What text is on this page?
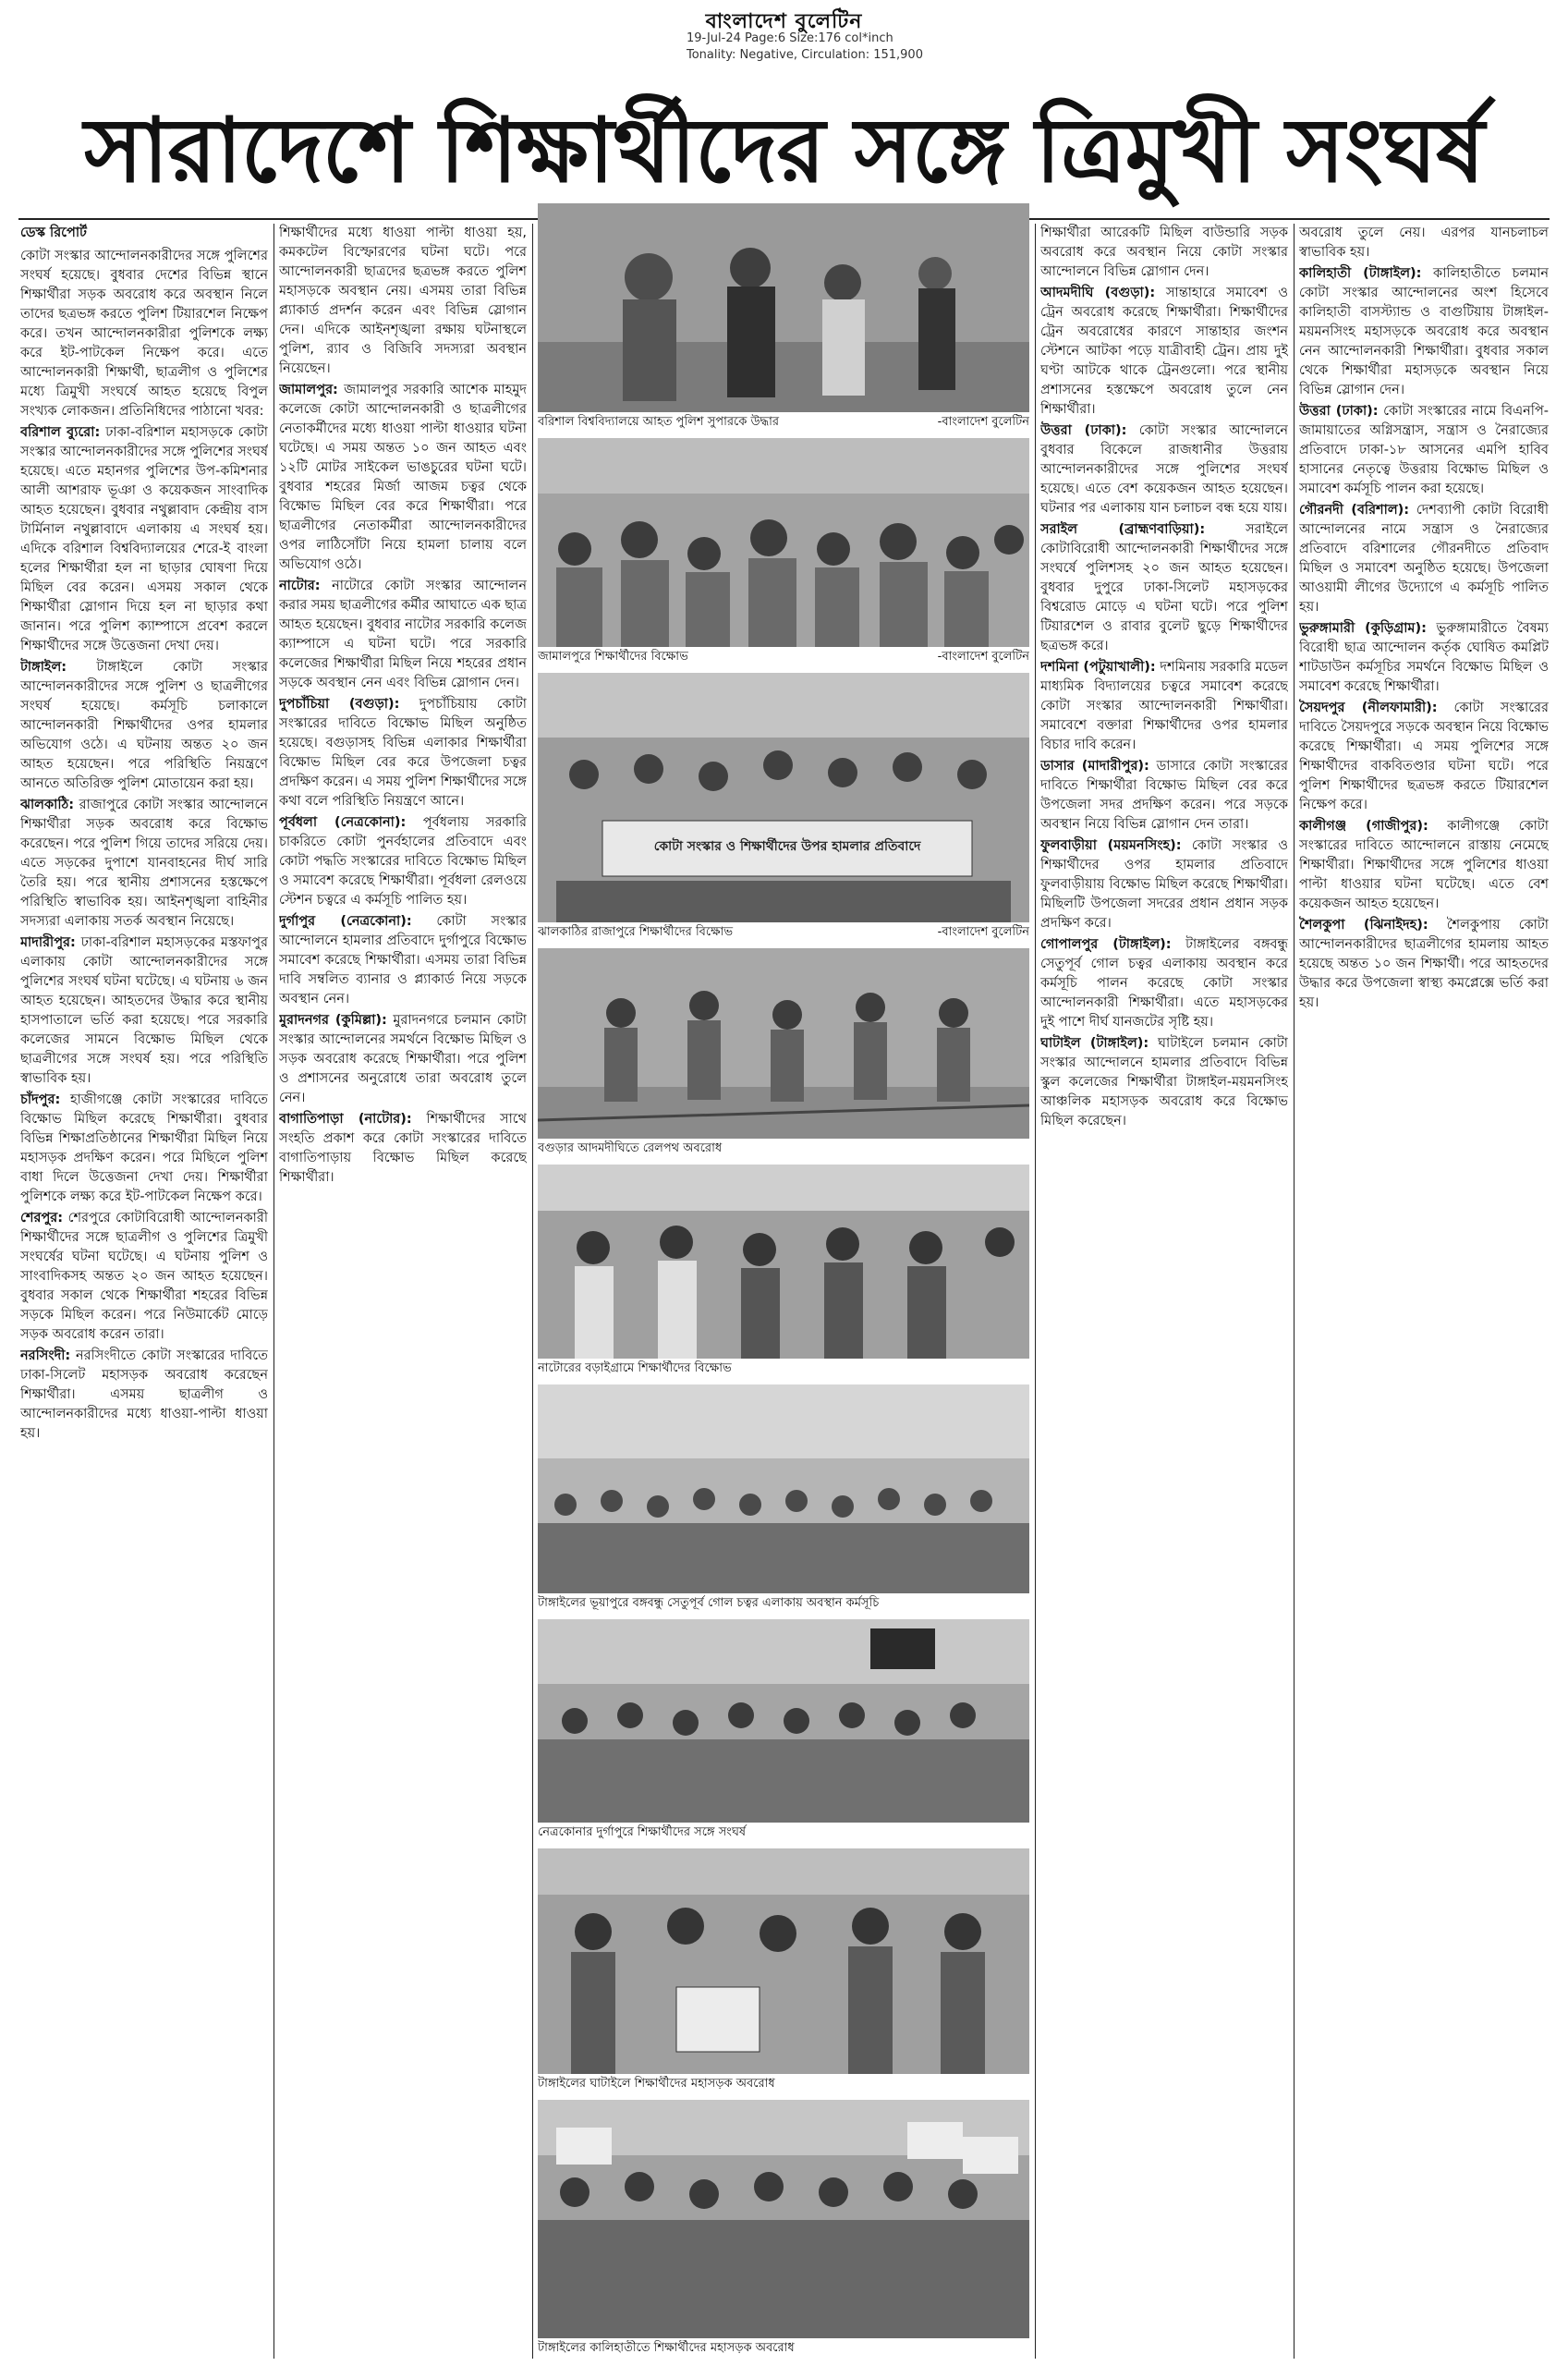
বাংলাদেশ বুলেটিন
19-Jul-24 Page:6 Size:176 col*inch
Tonality: Negative, Circulation: 151,900
সারাদেশে শিক্ষার্থীদের সঙ্গে ত্রিমুখী সংঘর্ষ
ডেস্ক রিপোর্ট

কোটা সংস্কার আন্দোলনকারীদের সঙ্গে পুলিশের সংঘর্ষ হয়েছে। বুধবার দেশের বিভিন্ন স্থানে শিক্ষার্থীরা সড়ক অবরোধ করে অবস্থান নিলে তাদের ছত্রভঙ্গ করতে পুলিশ টিয়ারশেল নিক্ষেপ করে। তখন আন্দোলনকারীরা পুলিশকে লক্ষ্য করে ইট-পাটকেল নিক্ষেপ করে। এতে আন্দোলনকারী শিক্ষার্থী, ছাত্রলীগ ও পুলিশের মধ্যে ত্রিমুখী সংঘর্ষে আহত হয়েছে বিপুল সংখ্যক লোকজন। প্রতিনিধিদের পাঠানো খবর:

বরিশাল ব্যুরো: ঢাকা-বরিশাল মহাসড়কে কোটা সংস্কার আন্দোলনকারীদের সঙ্গে পুলিশের সংঘর্ষ হয়েছে। এতে মহানগর পুলিশের উপ-কমিশনার আলী আশরাফ ভূঞা ও কয়েকজন সাংবাদিক আহত হয়েছেন। বুধবার নথুল্লাবাদ কেন্দ্রীয় বাস টার্মিনাল নথুল্লাবাদে এলাকায় এ সংঘর্ষ হয়। এদিকে বরিশাল বিশ্ববিদ্যালয়ের শেরে-ই বাংলা হলের শিক্ষার্থীরা হল না ছাড়ার ঘোষণা দিয়ে মিছিল বের করেন। এসময় সকাল থেকে শিক্ষার্থীরা স্লোগান দিয়ে হল না ছাড়ার কথা জানান। পরে পুলিশ ক্যাম্পাসে প্রবেশ করলে শিক্ষার্থীদের সঙ্গে উত্তেজনা দেখা দেয়।

টাঙ্গাইল: টাঙ্গাইলে কোটা সংস্কার আন্দোলনকারীদের সঙ্গে পুলিশ ও ছাত্রলীগের সংঘর্ষ হয়েছে। কর্মসূচি চলাকালে আন্দোলনকারী শিক্ষার্থীদের ওপর হামলার অভিযোগ ওঠে। এ ঘটনায় অন্তত ২০ জন আহত হয়েছেন। পরে পরিস্থিতি নিয়ন্ত্রণে আনতে অতিরিক্ত পুলিশ মোতায়েন করা হয়।

ঝালকাঠি: রাজাপুরে কোটা সংস্কার আন্দোলনে শিক্ষার্থীরা সড়ক অবরোধ করে বিক্ষোভ করেছেন। পরে পুলিশ গিয়ে তাদের সরিয়ে দেয়। এতে সড়কের দুপাশে যানবাহনের দীর্ঘ সারি তৈরি হয়। পরে স্থানীয় প্রশাসনের হস্তক্ষেপে পরিস্থিতি স্বাভাবিক হয়। আইনশৃঙ্খলা বাহিনীর সদস্যরা এলাকায় সতর্ক অবস্থান নিয়েছে।

মাদারীপুর: ঢাকা-বরিশাল মহাসড়কের মস্তফাপুর এলাকায় কোটা আন্দোলনকারীদের সঙ্গে পুলিশের সংঘর্ষ ঘটনা ঘটেছে। এ ঘটনায় ৬ জন আহত হয়েছেন। আহতদের উদ্ধার করে স্থানীয় হাসপাতালে ভর্তি করা হয়েছে। পরে সরকারি কলেজের সামনে বিক্ষোভ মিছিল থেকে ছাত্রলীগের সঙ্গে সংঘর্ষ হয়। পরে পরিস্থিতি স্বাভাবিক হয়।

চাঁদপুর: হাজীগঞ্জে কোটা সংস্কারের দাবিতে বিক্ষোভ মিছিল করেছে শিক্ষার্থীরা। বুধবার বিভিন্ন শিক্ষাপ্রতিষ্ঠানের শিক্ষার্থীরা মিছিল নিয়ে মহাসড়ক প্রদক্ষিণ করেন। পরে মিছিলে পুলিশ বাধা দিলে উত্তেজনা দেখা দেয়। শিক্ষার্থীরা পুলিশকে লক্ষ্য করে ইট-পাটকেল নিক্ষেপ করে।

শেরপুর: শেরপুরে কোটাবিরোধী আন্দোলনকারী শিক্ষার্থীদের সঙ্গে ছাত্রলীগ ও পুলিশের ত্রিমুখী সংঘর্ষের ঘটনা ঘটেছে। এ ঘটনায় পুলিশ ও সাংবাদিকসহ অন্তত ২০ জন আহত হয়েছেন। বুধবার সকাল থেকে শিক্ষার্থীরা শহরের বিভিন্ন সড়কে মিছিল করেন। পরে নিউমার্কেট মোড়ে সড়ক অবরোধ করেন তারা।

নরসিংদী: নরসিংদীতে কোটা সংস্কারের দাবিতে ঢাকা-সিলেট মহাসড়ক অবরোধ করেছেন শিক্ষার্থীরা। এসময় ছাত্রলীগ ও আন্দোলনকারীদের মধ্যে ধাওয়া-পাল্টা ধাওয়া হয়।

শিক্ষার্থীদের মধ্যে ধাওয়া পাল্টা ধাওয়া হয়, কমকটেল বিস্ফোরণের ঘটনা ঘটে। পরে আন্দোলনকারী ছাত্রদের ছত্রভঙ্গ করতে পুলিশ মহাসড়কে অবস্থান নেয়। এসময় তারা বিভিন্ন প্ল্যাকার্ড প্রদর্শন করেন এবং বিভিন্ন স্লোগান দেন। এদিকে আইনশৃঙ্খলা রক্ষায় ঘটনাস্থলে পুলিশ, র‍্যাব ও বিজিবি সদস্যরা অবস্থান নিয়েছেন।

জামালপুর: জামালপুর সরকারি আশেক মাহমুদ কলেজে কোটা আন্দোলনকারী ও ছাত্রলীগের নেতাকর্মীদের মধ্যে ধাওয়া পাল্টা ধাওয়ার ঘটনা ঘটেছে। এ সময় অন্তত ১০ জন আহত এবং ১২টি মোটর সাইকেল ভাঙচুরের ঘটনা ঘটে। বুধবার শহরের মির্জা আজম চত্বর থেকে বিক্ষোভ মিছিল বের করে শিক্ষার্থীরা। পরে ছাত্রলীগের নেতাকর্মীরা আন্দোলনকারীদের ওপর লাঠিসোঁটা নিয়ে হামলা চালায় বলে অভিযোগ ওঠে।

নাটোর: নাটোরে কোটা সংস্কার আন্দোলন করার সময় ছাত্রলীগের কর্মীর আঘাতে এক ছাত্র আহত হয়েছেন। বুধবার নাটোর সরকারি কলেজ ক্যাম্পাসে এ ঘটনা ঘটে। পরে সরকারি কলেজের শিক্ষার্থীরা মিছিল নিয়ে শহরের প্রধান সড়কে অবস্থান নেন এবং বিভিন্ন স্লোগান দেন।

দুপচাঁচিয়া (বগুড়া): দুপচাঁচিয়ায় কোটা সংস্কারের দাবিতে বিক্ষোভ মিছিল অনুষ্ঠিত হয়েছে। বগুড়াসহ বিভিন্ন এলাকার শিক্ষার্থীরা বিক্ষোভ মিছিল বের করে উপজেলা চত্বর প্রদক্ষিণ করেন। এ সময় পুলিশ শিক্ষার্থীদের সঙ্গে কথা বলে পরিস্থিতি নিয়ন্ত্রণে আনে।

পূর্বধলা (নেত্রকোনা): পূর্বধলায় সরকারি চাকরিতে কোটা পুনর্বহালের প্রতিবাদে এবং কোটা পদ্ধতি সংস্কারের দাবিতে বিক্ষোভ মিছিল ও সমাবেশ করেছে শিক্ষার্থীরা। পূর্বধলা রেলওয়ে স্টেশন চত্বরে এ কর্মসূচি পালিত হয়।

দুর্গাপুর (নেত্রকোনা): কোটা সংস্কার আন্দোলনে হামলার প্রতিবাদে দুর্গাপুরে বিক্ষোভ সমাবেশ করেছে শিক্ষার্থীরা। এসময় তারা বিভিন্ন দাবি সম্বলিত ব্যানার ও প্ল্যাকার্ড নিয়ে সড়কে অবস্থান নেন।

মুরাদনগর (কুমিল্লা): মুরাদনগরে চলমান কোটা সংস্কার আন্দোলনের সমর্থনে বিক্ষোভ মিছিল ও সড়ক অবরোধ করেছে শিক্ষার্থীরা। পরে পুলিশ ও প্রশাসনের অনুরোধে তারা অবরোধ তুলে নেন।

বাগাতিপাড়া (নাটোর): শিক্ষার্থীদের সাথে সংহতি প্রকাশ করে কোটা সংস্কারের দাবিতে বাগাতিপাড়ায় বিক্ষোভ মিছিল করেছে শিক্ষার্থীরা।

বরিশাল বিশ্ববিদ্যালয়ে আহত পুলিশ সুপারকে উদ্ধার	-বাংলাদেশ বুলেটিন
জামালপুরে শিক্ষার্থীদের বিক্ষোভ	-বাংলাদেশ বুলেটিন
কোটা সংস্কার ও শিক্ষার্থীদের উপর হামলার প্রতিবাদে
ঝালকাঠির রাজাপুরে শিক্ষার্থীদের বিক্ষোভ	-বাংলাদেশ বুলেটিন
বগুড়ার আদমদীঘিতে রেলপথ অবরোধ
নাটোরের বড়াইগ্রামে শিক্ষার্থীদের বিক্ষোভ
টাঙ্গাইলের ভূয়াপুরে বঙ্গবন্ধু সেতুপূর্ব গোল চত্বর এলাকায় অবস্থান কর্মসূচি
নেত্রকোনার দুর্গাপুরে শিক্ষার্থীদের সঙ্গে সংঘর্ষ
টাঙ্গাইলের ঘাটাইলে শিক্ষার্থীদের মহাসড়ক অবরোধ
টাঙ্গাইলের কালিহাতীতে শিক্ষার্থীদের মহাসড়ক অবরোধ

শিক্ষার্থীরা আরেকটি মিছিল বাউন্ডারি সড়ক অবরোধ করে অবস্থান নিয়ে কোটা সংস্কার আন্দোলনে বিভিন্ন স্লোগান দেন।

আদমদীঘি (বগুড়া): সান্তাহারে সমাবেশ ও ট্রেন অবরোধ করেছে শিক্ষার্থীরা। শিক্ষার্থীদের ট্রেন অবরোধের কারণে সান্তাহার জংশন স্টেশনে আটকা পড়ে যাত্রীবাহী ট্রেন। প্রায় দুই ঘণ্টা আটকে থাকে ট্রেনগুলো। পরে স্থানীয় প্রশাসনের হস্তক্ষেপে অবরোধ তুলে নেন শিক্ষার্থীরা।

উত্তরা (ঢাকা): কোটা সংস্কার আন্দোলনে বুধবার বিকেলে রাজধানীর উত্তরায় আন্দোলনকারীদের সঙ্গে পুলিশের সংঘর্ষ হয়েছে। এতে বেশ কয়েকজন আহত হয়েছেন। ঘটনার পর এলাকায় যান চলাচল বন্ধ হয়ে যায়।

সরাইল (ব্রাহ্মণবাড়িয়া):	সরাইলে কোটাবিরোধী আন্দোলনকারী শিক্ষার্থীদের সঙ্গে সংঘর্ষে পুলিশসহ ২০ জন আহত হয়েছেন। বুধবার দুপুরে ঢাকা-সিলেট মহাসড়কের বিশ্বরোড মোড়ে এ ঘটনা ঘটে। পরে পুলিশ টিয়ারশেল ও রাবার বুলেট ছুড়ে শিক্ষার্থীদের ছত্রভঙ্গ করে।

দশমিনা (পটুয়াখালী): দশমিনায় সরকারি মডেল মাধ্যমিক বিদ্যালয়ের চত্বরে সমাবেশ করেছে কোটা সংস্কার আন্দোলনকারী শিক্ষার্থীরা। সমাবেশে বক্তারা শিক্ষার্থীদের ওপর হামলার বিচার দাবি করেন।

ডাসার (মাদারীপুর): ডাসারে কোটা সংস্কারের দাবিতে শিক্ষার্থীরা বিক্ষোভ মিছিল বের করে উপজেলা সদর প্রদক্ষিণ করেন। পরে সড়কে অবস্থান নিয়ে বিভিন্ন স্লোগান দেন তারা।

ফুলবাড়ীয়া (ময়মনসিংহ): কোটা সংস্কার ও শিক্ষার্থীদের ওপর হামলার প্রতিবাদে ফুলবাড়ীয়ায় বিক্ষোভ মিছিল করেছে শিক্ষার্থীরা। মিছিলটি উপজেলা সদরের প্রধান প্রধান সড়ক প্রদক্ষিণ করে।

গোপালপুর (টাঙ্গাইল): টাঙ্গাইলের বঙ্গবন্ধু সেতুপূর্ব গোল চত্বর এলাকায় অবস্থান করে কর্মসূচি পালন করেছে কোটা সংস্কার আন্দোলনকারী শিক্ষার্থীরা। এতে মহাসড়কের দুই পাশে দীর্ঘ যানজটের সৃষ্টি হয়।

ঘাটাইল (টাঙ্গাইল): ঘাটাইলে চলমান কোটা সংস্কার আন্দোলনে হামলার প্রতিবাদে বিভিন্ন স্কুল কলেজের শিক্ষার্থীরা টাঙ্গাইল-ময়মনসিংহ আঞ্চলিক মহাসড়ক অবরোধ করে বিক্ষোভ মিছিল করেছেন।

অবরোধ তুলে নেয়। এরপর যানচলাচল স্বাভাবিক হয়।

কালিহাতী (টাঙ্গাইল): কালিহাতীতে চলমান কোটা সংস্কার আন্দোলনের অংশ হিসেবে কালিহাতী বাসস্ট্যান্ড ও বাগুটিয়ায় টাঙ্গাইল-ময়মনসিংহ মহাসড়কে অবরোধ করে অবস্থান নেন আন্দোলনকারী শিক্ষার্থীরা। বুধবার সকাল থেকে শিক্ষার্থীরা মহাসড়কে অবস্থান নিয়ে বিভিন্ন স্লোগান দেন।

উত্তরা (ঢাকা): কোটা সংস্কারের নামে বিএনপি-জামায়াতের অগ্নিসন্ত্রাস, সন্ত্রাস ও নৈরাজ্যের প্রতিবাদে ঢাকা-১৮ আসনের এমপি হাবিব হাসানের নেতৃত্বে উত্তরায় বিক্ষোভ মিছিল ও সমাবেশ কর্মসূচি পালন করা হয়েছে।

গৌরনদী (বরিশাল): দেশব্যাপী কোটা বিরোধী আন্দোলনের নামে সন্ত্রাস ও নৈরাজ্যের প্রতিবাদে বরিশালের গৌরনদীতে প্রতিবাদ মিছিল ও সমাবেশ অনুষ্ঠিত হয়েছে। উপজেলা আওয়ামী লীগের উদ্যোগে এ কর্মসূচি পালিত হয়।

ভুরুঙ্গামারী (কুড়িগ্রাম): ভুরুঙ্গামারীতে বৈষম্য বিরোধী ছাত্র আন্দোলন কর্তৃক ঘোষিত কমপ্লিট শাটডাউন কর্মসূচির সমর্থনে বিক্ষোভ মিছিল ও সমাবেশ করেছে শিক্ষার্থীরা।

সৈয়দপুর (নীলফামারী): কোটা সংস্কারের দাবিতে সৈয়দপুরে সড়কে অবস্থান নিয়ে বিক্ষোভ করেছে শিক্ষার্থীরা। এ সময় পুলিশের সঙ্গে শিক্ষার্থীদের বাকবিতণ্ডার ঘটনা ঘটে। পরে পুলিশ শিক্ষার্থীদের ছত্রভঙ্গ করতে টিয়ারশেল নিক্ষেপ করে।

কালীগঞ্জ (গাজীপুর): কালীগঞ্জে কোটা সংস্কারের দাবিতে আন্দোলনে রাস্তায় নেমেছে শিক্ষার্থীরা। শিক্ষার্থীদের সঙ্গে পুলিশের ধাওয়া পাল্টা ধাওয়ার ঘটনা ঘটেছে। এতে বেশ কয়েকজন আহত হয়েছেন।

শৈলকুপা (ঝিনাইদহ): শৈলকুপায় কোটা আন্দোলনকারীদের ছাত্রলীগের হামলায় আহত হয়েছে অন্তত ১০ জন শিক্ষার্থী। পরে আহতদের উদ্ধার করে উপজেলা স্বাস্থ্য কমপ্লেক্সে ভর্তি করা হয়।
